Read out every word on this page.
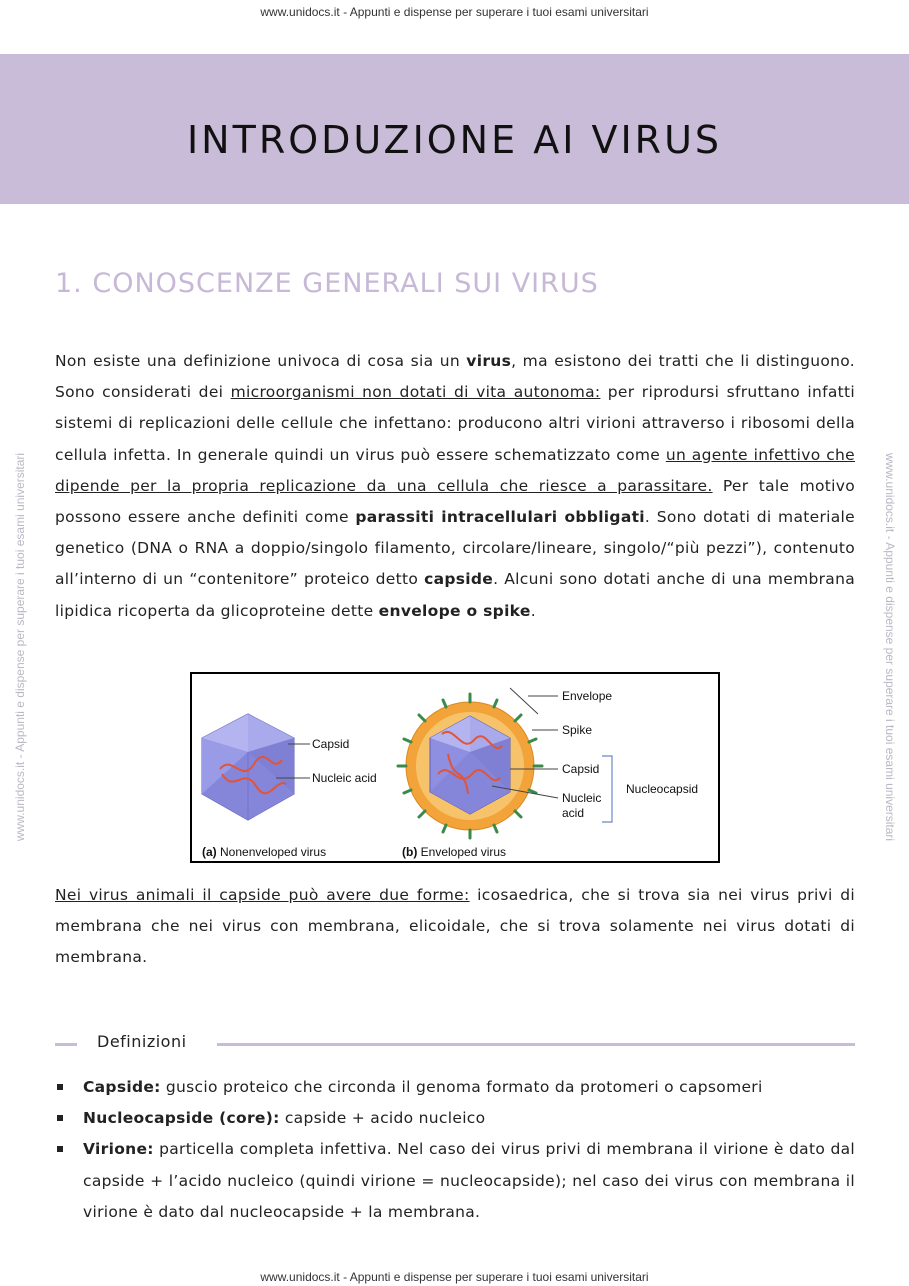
www.unidocs.it - Appunti e dispense per superare i tuoi esami universitari
www.unidocs.it - Appunti e dispense per superare i tuoi esami universitari	www.unidocs.it - Appunti e dispense per superare i tuoi esami universitari
INTRODUZIONE AI VIRUS
1. CONOSCENZE GENERALI SUI VIRUS

Non esiste una definizione univoca di cosa sia un virus, ma esistono dei tratti che li distinguono. Sono considerati dei microorganismi non dotati di vita autonoma: per riprodursi sfruttano infatti sistemi di replicazioni delle cellule che infettano: producono altri virioni attraverso i ribosomi della cellula infetta. In generale quindi un virus può essere schematizzato come un agente infettivo che dipende per la propria replicazione da una cellula che riesce a parassitare. Per tale motivo possono essere anche definiti come parassiti intracellulari obbligati. Sono dotati di materiale genetico (DNA o RNA a doppio/singolo filamento, circolare/lineare, singolo/“più pezzi”), contenuto all’interno di un “contenitore” proteico detto capside. Alcuni sono dotati anche di una membrana lipidica ricoperta da glicoproteine dette envelope o spike.

Capsid
Nucleic acid
Envelope
Spike
Capsid
Nucleic
acid
Nucleocapsid
(a) Nonenveloped virus	(b) Enveloped virus

Nei virus animali il capside può avere due forme: icosaedrica, che si trova sia nei virus privi di membrana che nei virus con membrana, elicoidale, che si trova solamente nei virus dotati di membrana.

Definizioni
Capside: guscio proteico che circonda il genoma formato da protomeri o capsomeri
Nucleocapside (core): capside + acido nucleico
Virione: particella completa infettiva. Nel caso dei virus privi di membrana il virione è dato dal capside + l’acido nucleico (quindi virione = nucleocapside); nel caso dei virus con membrana il virione è dato dal nucleocapside + la membrana.
www.unidocs.it - Appunti e dispense per superare i tuoi esami universitari
